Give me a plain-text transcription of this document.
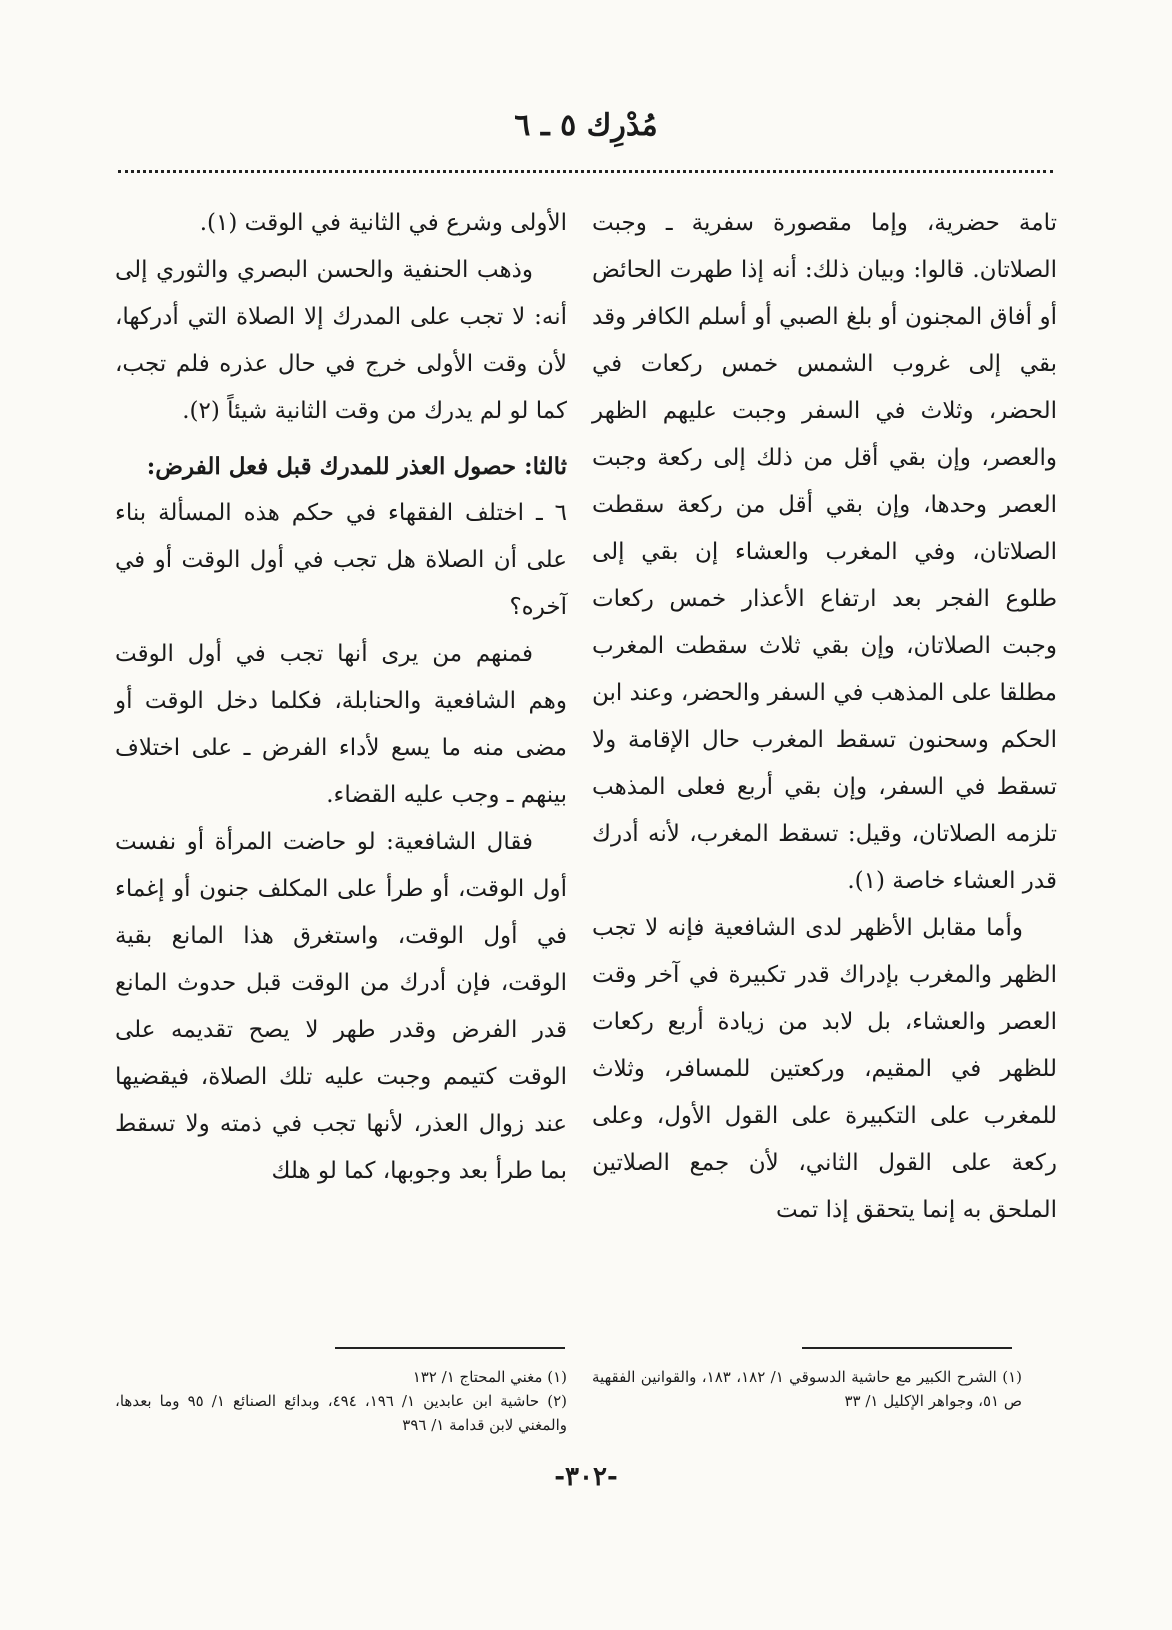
مُدْرِك ٥ ـ ٦

تامة حضرية، وإما مقصورة سفرية ـ وجبت الصلاتان. قالوا: وبيان ذلك: أنه إذا طهرت الحائض أو أفاق المجنون أو بلغ الصبي أو أسلم الكافر وقد بقي إلى غروب الشمس خمس ركعات في الحضر، وثلاث في السفر وجبت عليهم الظهر والعصر، وإن بقي أقل من ذلك إلى ركعة وجبت العصر وحدها، وإن بقي أقل من ركعة سقطت الصلاتان، وفي المغرب والعشاء إن بقي إلى طلوع الفجر بعد ارتفاع الأعذار خمس ركعات وجبت الصلاتان، وإن بقي ثلاث سقطت المغرب مطلقا على المذهب في السفر والحضر، وعند ابن الحكم وسحنون تسقط المغرب حال الإقامة ولا تسقط في السفر، وإن بقي أربع فعلى المذهب تلزمه الصلاتان، وقيل: تسقط المغرب، لأنه أدرك قدر العشاء خاصة (١).

وأما مقابل الأظهر لدى الشافعية فإنه لا تجب الظهر والمغرب بإدراك قدر تكبيرة في آخر وقت العصر والعشاء، بل لابد من زيادة أربع ركعات للظهر في المقيم، وركعتين للمسافر، وثلاث للمغرب على التكبيرة على القول الأول، وعلى ركعة على القول الثاني، لأن جمع الصلاتين الملحق به إنما يتحقق إذا تمت

الأولى وشرع في الثانية في الوقت (١).

وذهب الحنفية والحسن البصري والثوري إلى أنه: لا تجب على المدرك إلا الصلاة التي أدركها، لأن وقت الأولى خرج في حال عذره فلم تجب، كما لو لم يدرك من وقت الثانية شيئاً (٢).

ثالثا: حصول العذر للمدرك قبل فعل الفرض:

٦ ـ اختلف الفقهاء في حكم هذه المسألة بناء على أن الصلاة هل تجب في أول الوقت أو في آخره؟

فمنهم من يرى أنها تجب في أول الوقت وهم الشافعية والحنابلة، فكلما دخل الوقت أو مضى منه ما يسع لأداء الفرض ـ على اختلاف بينهم ـ وجب عليه القضاء.

فقال الشافعية: لو حاضت المرأة أو نفست أول الوقت، أو طرأ على المكلف جنون أو إغماء في أول الوقت، واستغرق هذا المانع بقية الوقت، فإن أدرك من الوقت قبل حدوث المانع قدر الفرض وقدر طهر لا يصح تقديمه على الوقت كتيمم وجبت عليه تلك الصلاة، فيقضيها عند زوال العذر، لأنها تجب في ذمته ولا تسقط بما طرأ بعد وجوبها، كما لو هلك

(١) الشرح الكبير مع حاشية الدسوقي ١/ ١٨٢، ١٨٣، والقوانين الفقهية ص ٥١، وجواهر الإكليل ١/ ٣٣

(١) مغني المحتاج ١/ ١٣٢

(٢) حاشية ابن عابدين ١/ ١٩٦، ٤٩٤، وبدائع الصنائع ١/ ٩٥ وما بعدها، والمغني لابن قدامة ١/ ٣٩٦

-٣٠٢-
